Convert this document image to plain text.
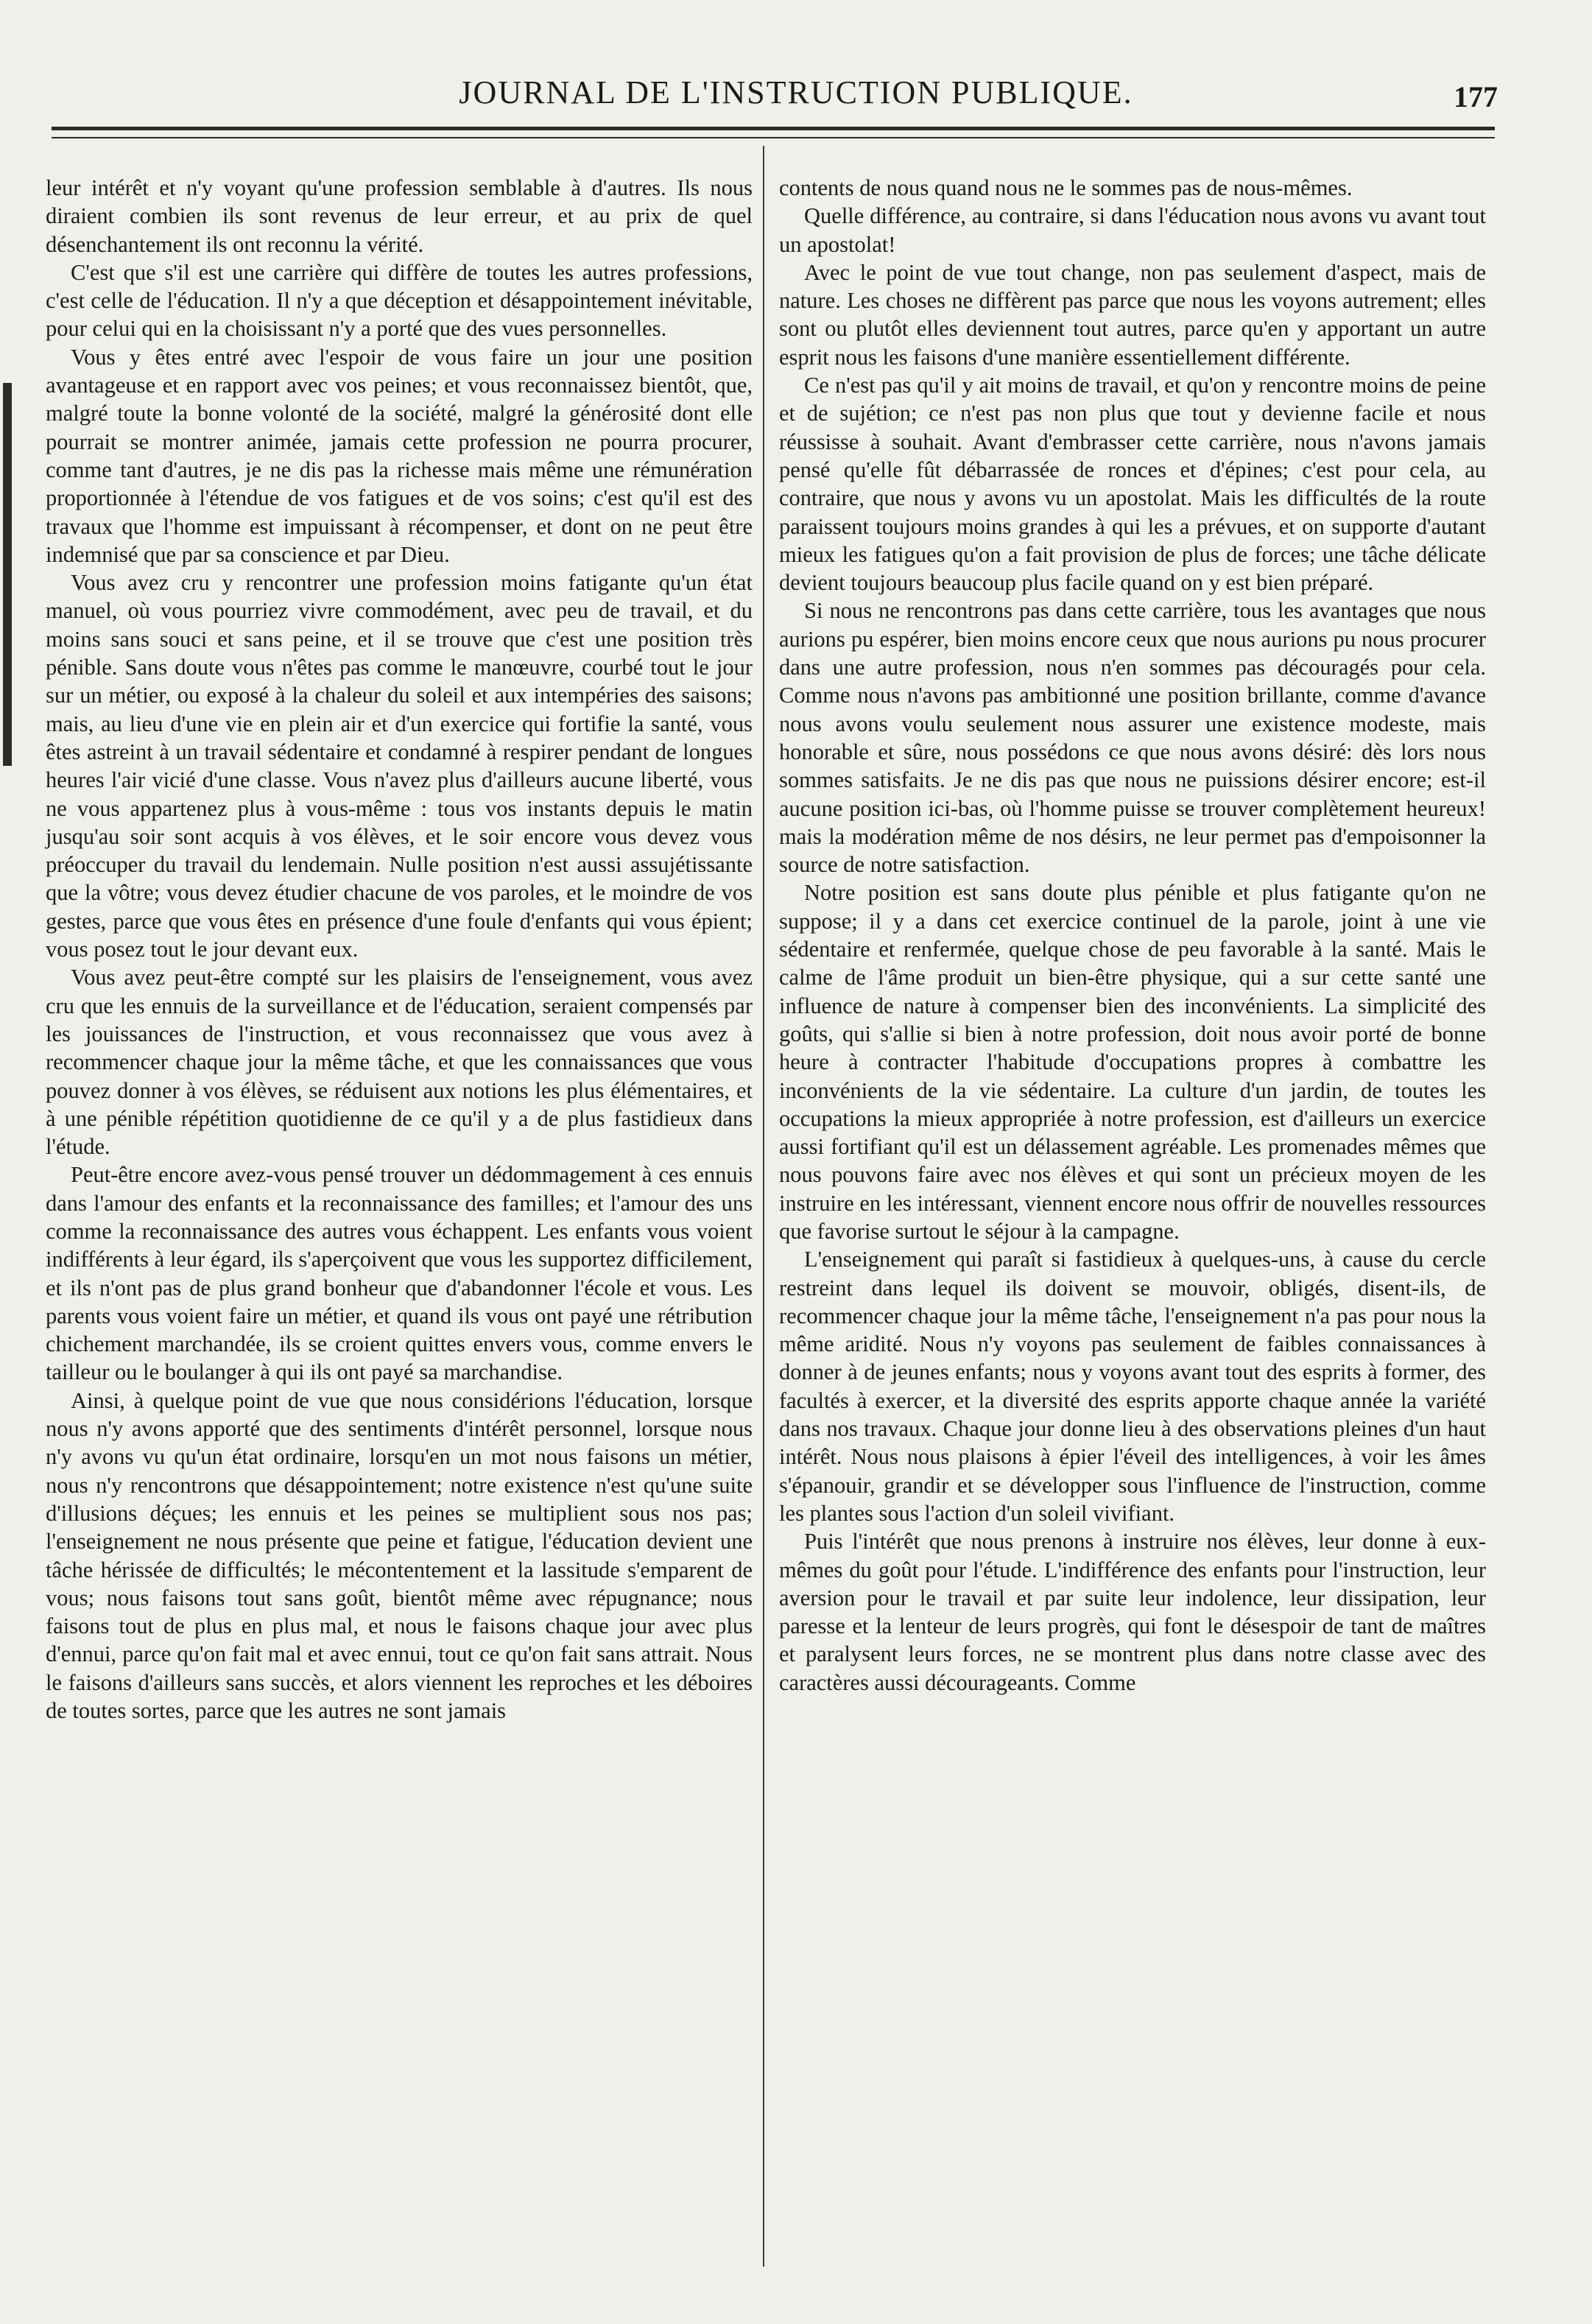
JOURNAL DE L'INSTRUCTION PUBLIQUE.	177

leur intérêt et n'y voyant qu'une profession semblable à d'autres. Ils nous diraient combien ils sont revenus de leur erreur, et au prix de quel désenchantement ils ont reconnu la vérité.

C'est que s'il est une carrière qui diffère de toutes les autres professions, c'est celle de l'éducation. Il n'y a que déception et désappointement inévitable, pour celui qui en la choisissant n'y a porté que des vues personnelles.

Vous y êtes entré avec l'espoir de vous faire un jour une position avantageuse et en rapport avec vos peines; et vous reconnaissez bientôt, que, malgré toute la bonne volonté de la société, malgré la générosité dont elle pourrait se montrer animée, jamais cette profession ne pourra procurer, comme tant d'autres, je ne dis pas la richesse mais même une rémunération proportionnée à l'étendue de vos fatigues et de vos soins; c'est qu'il est des travaux que l'homme est impuissant à récompenser, et dont on ne peut être indemnisé que par sa conscience et par Dieu.

Vous avez cru y rencontrer une profession moins fatigante qu'un état manuel, où vous pourriez vivre commodément, avec peu de travail, et du moins sans souci et sans peine, et il se trouve que c'est une position très pénible. Sans doute vous n'êtes pas comme le manœuvre, courbé tout le jour sur un métier, ou exposé à la chaleur du soleil et aux intempéries des saisons; mais, au lieu d'une vie en plein air et d'un exercice qui fortifie la santé, vous êtes astreint à un travail sédentaire et condamné à respirer pendant de longues heures l'air vicié d'une classe. Vous n'avez plus d'ailleurs aucune liberté, vous ne vous appartenez plus à vous-même : tous vos instants depuis le matin jusqu'au soir sont acquis à vos élèves, et le soir encore vous devez vous préoccuper du travail du lendemain. Nulle position n'est aussi assujétissante que la vôtre; vous devez étudier chacune de vos paroles, et le moindre de vos gestes, parce que vous êtes en présence d'une foule d'enfants qui vous épient; vous posez tout le jour devant eux.

Vous avez peut-être compté sur les plaisirs de l'enseignement, vous avez cru que les ennuis de la surveillance et de l'éducation, seraient compensés par les jouissances de l'instruction, et vous reconnaissez que vous avez à recommencer chaque jour la même tâche, et que les connaissances que vous pouvez donner à vos élèves, se réduisent aux notions les plus élémentaires, et à une pénible répétition quotidienne de ce qu'il y a de plus fastidieux dans l'étude.

Peut-être encore avez-vous pensé trouver un dédommagement à ces ennuis dans l'amour des enfants et la reconnaissance des familles; et l'amour des uns comme la reconnaissance des autres vous échappent. Les enfants vous voient indifférents à leur égard, ils s'aperçoivent que vous les supportez difficilement, et ils n'ont pas de plus grand bonheur que d'abandonner l'école et vous. Les parents vous voient faire un métier, et quand ils vous ont payé une rétribution chichement marchandée, ils se croient quittes envers vous, comme envers le tailleur ou le boulanger à qui ils ont payé sa marchandise.

Ainsi, à quelque point de vue que nous considérions l'éducation, lorsque nous n'y avons apporté que des sentiments d'intérêt personnel, lorsque nous n'y avons vu qu'un état ordinaire, lorsqu'en un mot nous faisons un métier, nous n'y rencontrons que désappointement; notre existence n'est qu'une suite d'illusions déçues; les ennuis et les peines se multiplient sous nos pas; l'enseignement ne nous présente que peine et fatigue, l'éducation devient une tâche hérissée de difficultés; le mécontentement et la lassitude s'emparent de vous; nous faisons tout sans goût, bientôt même avec répugnance; nous faisons tout de plus en plus mal, et nous le faisons chaque jour avec plus d'ennui, parce qu'on fait mal et avec ennui, tout ce qu'on fait sans attrait. Nous le faisons d'ailleurs sans succès, et alors viennent les reproches et les déboires de toutes sortes, parce que les autres ne sont jamais

contents de nous quand nous ne le sommes pas de nous-mêmes.

Quelle différence, au contraire, si dans l'éducation nous avons vu avant tout un apostolat!

Avec le point de vue tout change, non pas seulement d'aspect, mais de nature. Les choses ne diffèrent pas parce que nous les voyons autrement; elles sont ou plutôt elles deviennent tout autres, parce qu'en y apportant un autre esprit nous les faisons d'une manière essentiellement différente.

Ce n'est pas qu'il y ait moins de travail, et qu'on y rencontre moins de peine et de sujétion; ce n'est pas non plus que tout y devienne facile et nous réussisse à souhait. Avant d'embrasser cette carrière, nous n'avons jamais pensé qu'elle fût débarrassée de ronces et d'épines; c'est pour cela, au contraire, que nous y avons vu un apostolat. Mais les difficultés de la route paraissent toujours moins grandes à qui les a prévues, et on supporte d'autant mieux les fatigues qu'on a fait provision de plus de forces; une tâche délicate devient toujours beaucoup plus facile quand on y est bien préparé.

Si nous ne rencontrons pas dans cette carrière, tous les avantages que nous aurions pu espérer, bien moins encore ceux que nous aurions pu nous procurer dans une autre profession, nous n'en sommes pas découragés pour cela. Comme nous n'avons pas ambitionné une position brillante, comme d'avance nous avons voulu seulement nous assurer une existence modeste, mais honorable et sûre, nous possédons ce que nous avons désiré: dès lors nous sommes satisfaits. Je ne dis pas que nous ne puissions désirer encore; est-il aucune position ici-bas, où l'homme puisse se trouver complètement heureux! mais la modération même de nos désirs, ne leur permet pas d'empoisonner la source de notre satisfaction.

Notre position est sans doute plus pénible et plus fatigante qu'on ne suppose; il y a dans cet exercice continuel de la parole, joint à une vie sédentaire et renfermée, quelque chose de peu favorable à la santé. Mais le calme de l'âme produit un bien-être physique, qui a sur cette santé une influence de nature à compenser bien des inconvénients. La simplicité des goûts, qui s'allie si bien à notre profession, doit nous avoir porté de bonne heure à contracter l'habitude d'occupations propres à combattre les inconvénients de la vie sédentaire. La culture d'un jardin, de toutes les occupations la mieux appropriée à notre profession, est d'ailleurs un exercice aussi fortifiant qu'il est un délassement agréable. Les promenades mêmes que nous pouvons faire avec nos élèves et qui sont un précieux moyen de les instruire en les intéressant, viennent encore nous offrir de nouvelles ressources que favorise surtout le séjour à la campagne.

L'enseignement qui paraît si fastidieux à quelques-uns, à cause du cercle restreint dans lequel ils doivent se mouvoir, obligés, disent-ils, de recommencer chaque jour la même tâche, l'enseignement n'a pas pour nous la même aridité. Nous n'y voyons pas seulement de faibles connaissances à donner à de jeunes enfants; nous y voyons avant tout des esprits à former, des facultés à exercer, et la diversité des esprits apporte chaque année la variété dans nos travaux. Chaque jour donne lieu à des observations pleines d'un haut intérêt. Nous nous plaisons à épier l'éveil des intelligences, à voir les âmes s'épanouir, grandir et se développer sous l'influence de l'instruction, comme les plantes sous l'action d'un soleil vivifiant.

Puis l'intérêt que nous prenons à instruire nos élèves, leur donne à eux-mêmes du goût pour l'étude. L'indifférence des enfants pour l'instruction, leur aversion pour le travail et par suite leur indolence, leur dissipation, leur paresse et la lenteur de leurs progrès, qui font le désespoir de tant de maîtres et paralysent leurs forces, ne se montrent plus dans notre classe avec des caractères aussi décourageants. Comme
